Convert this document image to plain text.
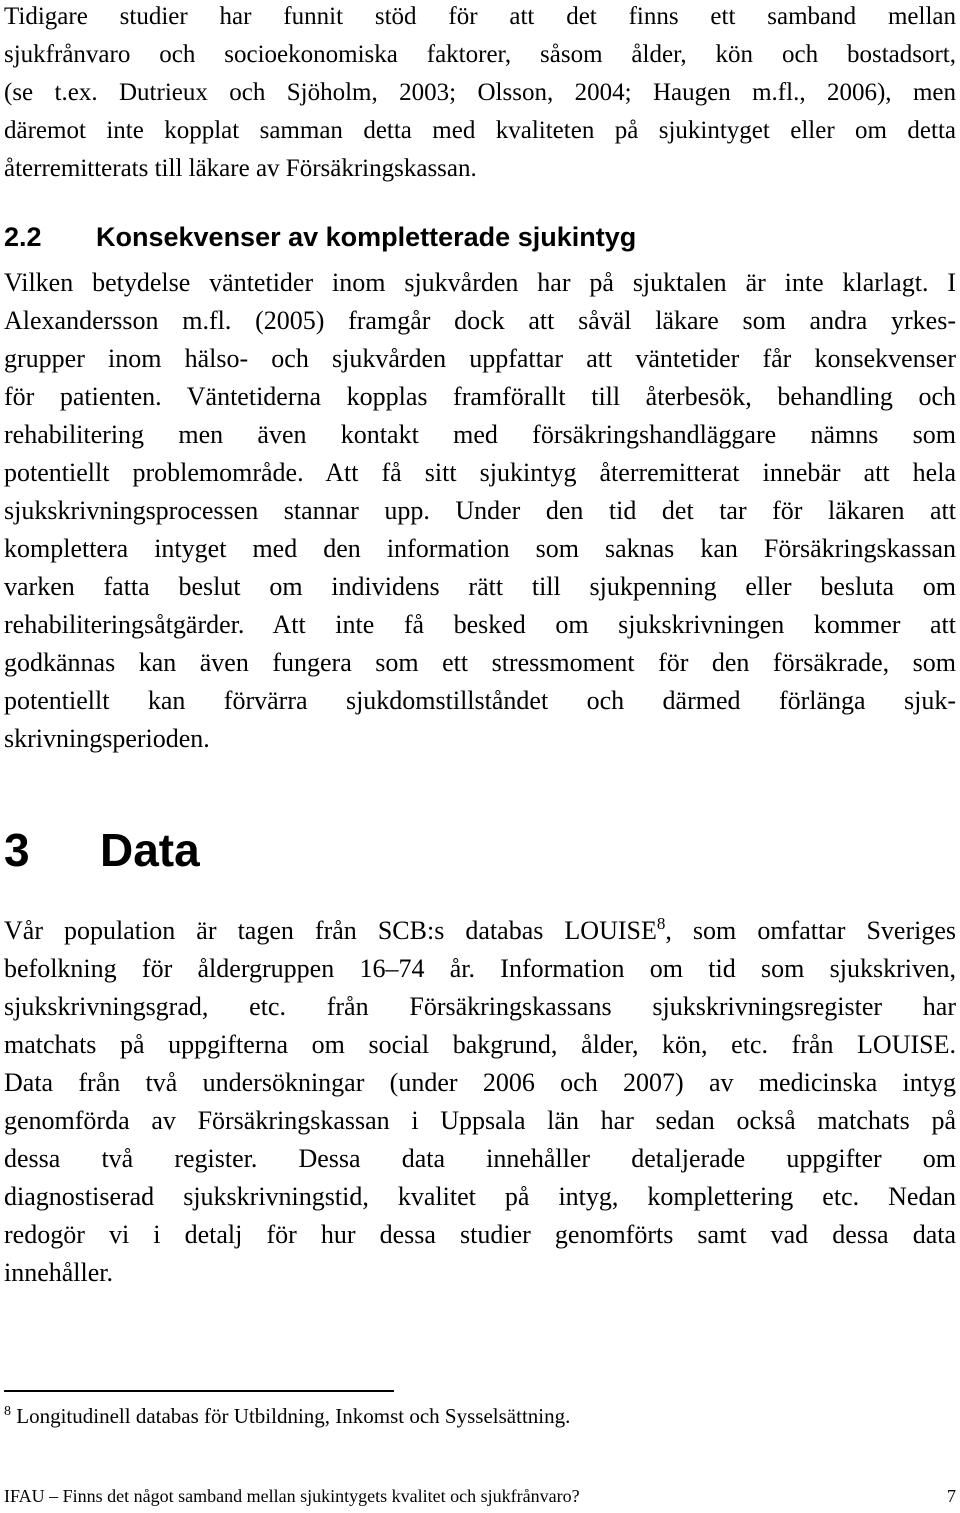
Tidigare studier har funnit stöd för att det finns ett samband mellan
sjukfrånvaro och socioekonomiska faktorer, såsom ålder, kön och bostadsort,
(se t.ex. Dutrieux och Sjöholm, 2003; Olsson, 2004; Haugen m.fl., 2006), men
däremot inte kopplat samman detta med kvaliteten på sjukintyget eller om detta
återremitterats till läkare av Försäkringskassan.
2.2 Konsekvenser av kompletterade sjukintyg
Vilken betydelse väntetider inom sjukvården har på sjuktalen är inte klarlagt. I
Alexandersson m.fl. (2005) framgår dock att såväl läkare som andra yrkes-
grupper inom hälso- och sjukvården uppfattar att väntetider får konsekvenser
för patienten. Väntetiderna kopplas framförallt till återbesök, behandling och
rehabilitering men även kontakt med försäkringshandläggare nämns som
potentiellt problemområde. Att få sitt sjukintyg återremitterat innebär att hela
sjukskrivningsprocessen stannar upp. Under den tid det tar för läkaren att
komplettera intyget med den information som saknas kan Försäkringskassan
varken fatta beslut om individens rätt till sjukpenning eller besluta om
rehabiliteringsåtgärder. Att inte få besked om sjukskrivningen kommer att
godkännas kan även fungera som ett stressmoment för den försäkrade, som
potentiellt kan förvärra sjukdomstillståndet och därmed förlänga sjuk-
skrivningsperioden.
3 Data
Vår population är tagen från SCB:s databas LOUISE$^8$, som omfattar Sveriges
befolkning för åldergruppen 16–74 år. Information om tid som sjukskriven,
sjukskrivningsgrad, etc. från Försäkringskassans sjukskrivningsregister har
matchats på uppgifterna om social bakgrund, ålder, kön, etc. från LOUISE.
Data från två undersökningar (under 2006 och 2007) av medicinska intyg
genomförda av Försäkringskassan i Uppsala län har sedan också matchats på
dessa två register. Dessa data innehåller detaljerade uppgifter om
diagnostiserad sjukskrivningstid, kvalitet på intyg, komplettering etc. Nedan
redogör vi i detalj för hur dessa studier genomförts samt vad dessa data
innehåller.
$^8$ Longitudinell databas för Utbildning, Inkomst och Sysselsättning.
IFAU – Finns det något samband mellan sjukintygets kvalitet och sjukfrånvaro?	7
